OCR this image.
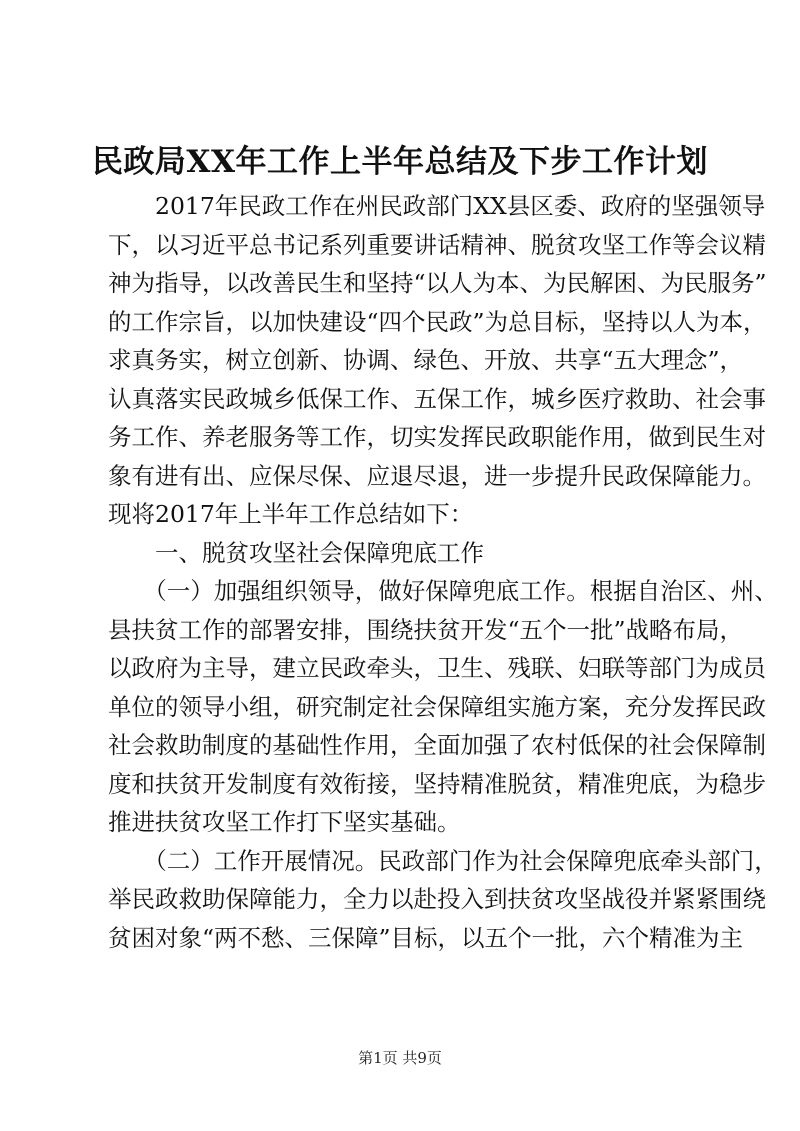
民政局XX年工作上半年总结及下步工作计划
　　2017年民政工作在州民政部门XX县区委、政府的坚强领导
下，以习近平总书记系列重要讲话精神、脱贫攻坚工作等会议精
神为指导，以改善民生和坚持“以人为本、为民解困、为民服务”
的工作宗旨，以加快建设“四个民政”为总目标，坚持以人为本，
求真务实，树立创新、协调、绿色、开放、共享“五大理念”，
认真落实民政城乡低保工作、五保工作，城乡医疗救助、社会事
务工作、养老服务等工作，切实发挥民政职能作用，做到民生对
象有进有出、应保尽保、应退尽退，进一步提升民政保障能力。
现将2017年上半年工作总结如下：
　　一、脱贫攻坚社会保障兜底工作
　　（一）加强组织领导，做好保障兜底工作。根据自治区、州、
县扶贫工作的部署安排，围绕扶贫开发“五个一批”战略布局，
以政府为主导，建立民政牵头，卫生、残联、妇联等部门为成员
单位的领导小组，研究制定社会保障组实施方案，充分发挥民政
社会救助制度的基础性作用，全面加强了农村低保的社会保障制
度和扶贫开发制度有效衔接，坚持精准脱贫，精准兜底，为稳步
推进扶贫攻坚工作打下坚实基础。
　　（二）工作开展情况。民政部门作为社会保障兜底牵头部门，
举民政救助保障能力，全力以赴投入到扶贫攻坚战役并紧紧围绕
贫困对象“两不愁、三保障”目标，以五个一批，六个精准为主
第1页 共9页
